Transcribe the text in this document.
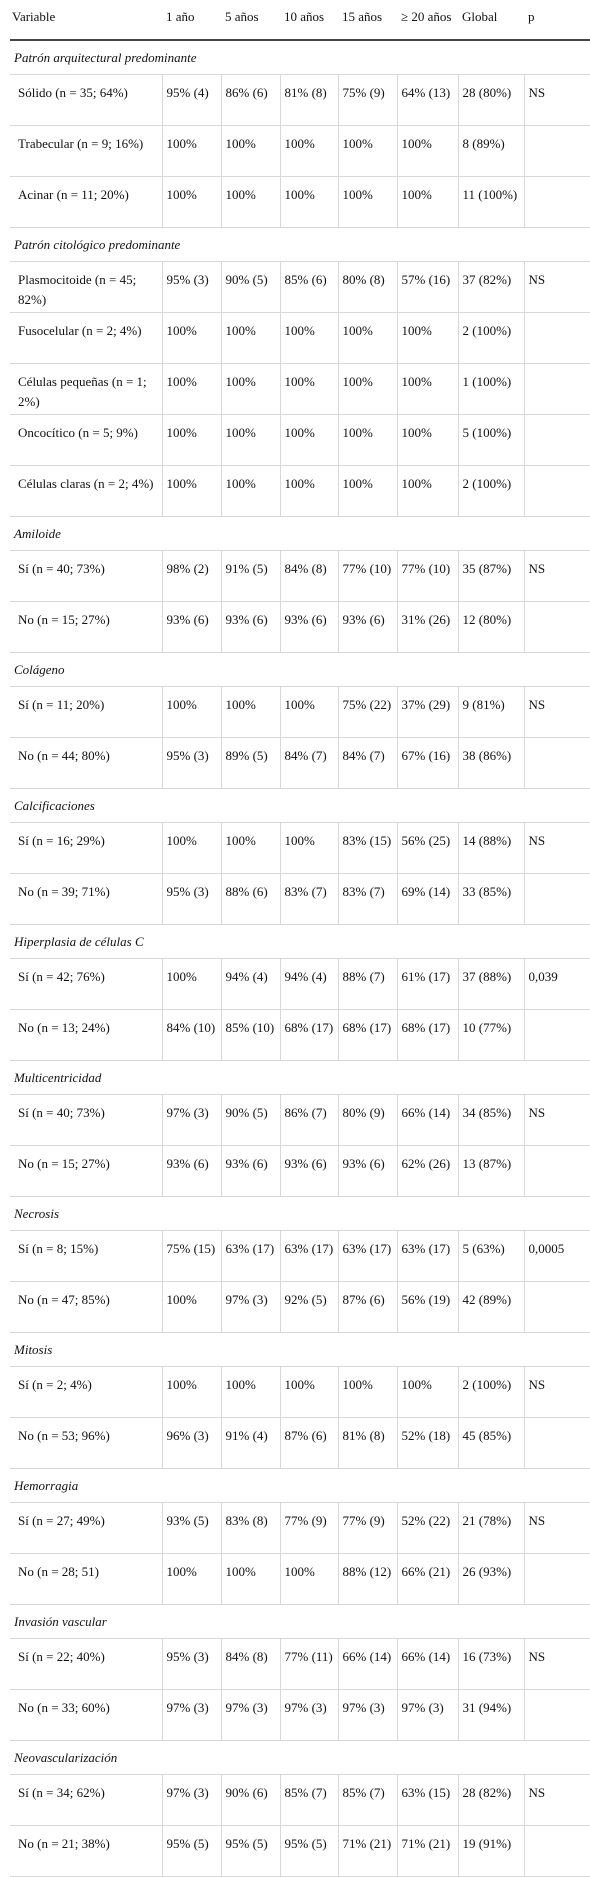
Variable	1 año	5 años	10 años	15 años	≥ 20 años	Global	p
Patrón arquitectural predominante							
Sólido (n = 35; 64%)	95% (4)	86% (6)	81% (8)	75% (9)	64% (13)	28 (80%)	NS
Trabecular (n = 9; 16%)	100%	100%	100%	100%	100%	8 (89%)	
Acinar (n = 11; 20%)	100%	100%	100%	100%	100%	11 (100%)	
Patrón citológico predominante							
Plasmocitoide (n = 45; 82%)	95% (3)	90% (5)	85% (6)	80% (8)	57% (16)	37 (82%)	NS
Fusocelular (n = 2; 4%)	100%	100%	100%	100%	100%	2 (100%)	
Células pequeñas (n = 1; 2%)	100%	100%	100%	100%	100%	1 (100%)	
Oncocítico (n = 5; 9%)	100%	100%	100%	100%	100%	5 (100%)	
Células claras (n = 2; 4%)	100%	100%	100%	100%	100%	2 (100%)	
Amiloide							
Sí (n = 40; 73%)	98% (2)	91% (5)	84% (8)	77% (10)	77% (10)	35 (87%)	NS
No (n = 15; 27%)	93% (6)	93% (6)	93% (6)	93% (6)	31% (26)	12 (80%)	
Colágeno							
Sí (n = 11; 20%)	100%	100%	100%	75% (22)	37% (29)	9 (81%)	NS
No (n = 44; 80%)	95% (3)	89% (5)	84% (7)	84% (7)	67% (16)	38 (86%)	
Calcificaciones							
Sí (n = 16; 29%)	100%	100%	100%	83% (15)	56% (25)	14 (88%)	NS
No (n = 39; 71%)	95% (3)	88% (6)	83% (7)	83% (7)	69% (14)	33 (85%)	
Hiperplasia de células C							
Sí (n = 42; 76%)	100%	94% (4)	94% (4)	88% (7)	61% (17)	37 (88%)	0,039
No (n = 13; 24%)	84% (10)	85% (10)	68% (17)	68% (17)	68% (17)	10 (77%)	
Multicentricidad							
Sí (n = 40; 73%)	97% (3)	90% (5)	86% (7)	80% (9)	66% (14)	34 (85%)	NS
No (n = 15; 27%)	93% (6)	93% (6)	93% (6)	93% (6)	62% (26)	13 (87%)	
Necrosis							
Sí (n = 8; 15%)	75% (15)	63% (17)	63% (17)	63% (17)	63% (17)	5 (63%)	0,0005
No (n = 47; 85%)	100%	97% (3)	92% (5)	87% (6)	56% (19)	42 (89%)	
Mitosis							
Sí (n = 2; 4%)	100%	100%	100%	100%	100%	2 (100%)	NS
No (n = 53; 96%)	96% (3)	91% (4)	87% (6)	81% (8)	52% (18)	45 (85%)	
Hemorragia							
Sí (n = 27; 49%)	93% (5)	83% (8)	77% (9)	77% (9)	52% (22)	21 (78%)	NS
No (n = 28; 51)	100%	100%	100%	88% (12)	66% (21)	26 (93%)	
Invasión vascular							
Sí (n = 22; 40%)	95% (3)	84% (8)	77% (11)	66% (14)	66% (14)	16 (73%)	NS
No (n = 33; 60%)	97% (3)	97% (3)	97% (3)	97% (3)	97% (3)	31 (94%)	
Neovascularización							
Sí (n = 34; 62%)	97% (3)	90% (6)	85% (7)	85% (7)	63% (15)	28 (82%)	NS
No (n = 21; 38%)	95% (5)	95% (5)	95% (5)	71% (21)	71% (21)	19 (91%)	
